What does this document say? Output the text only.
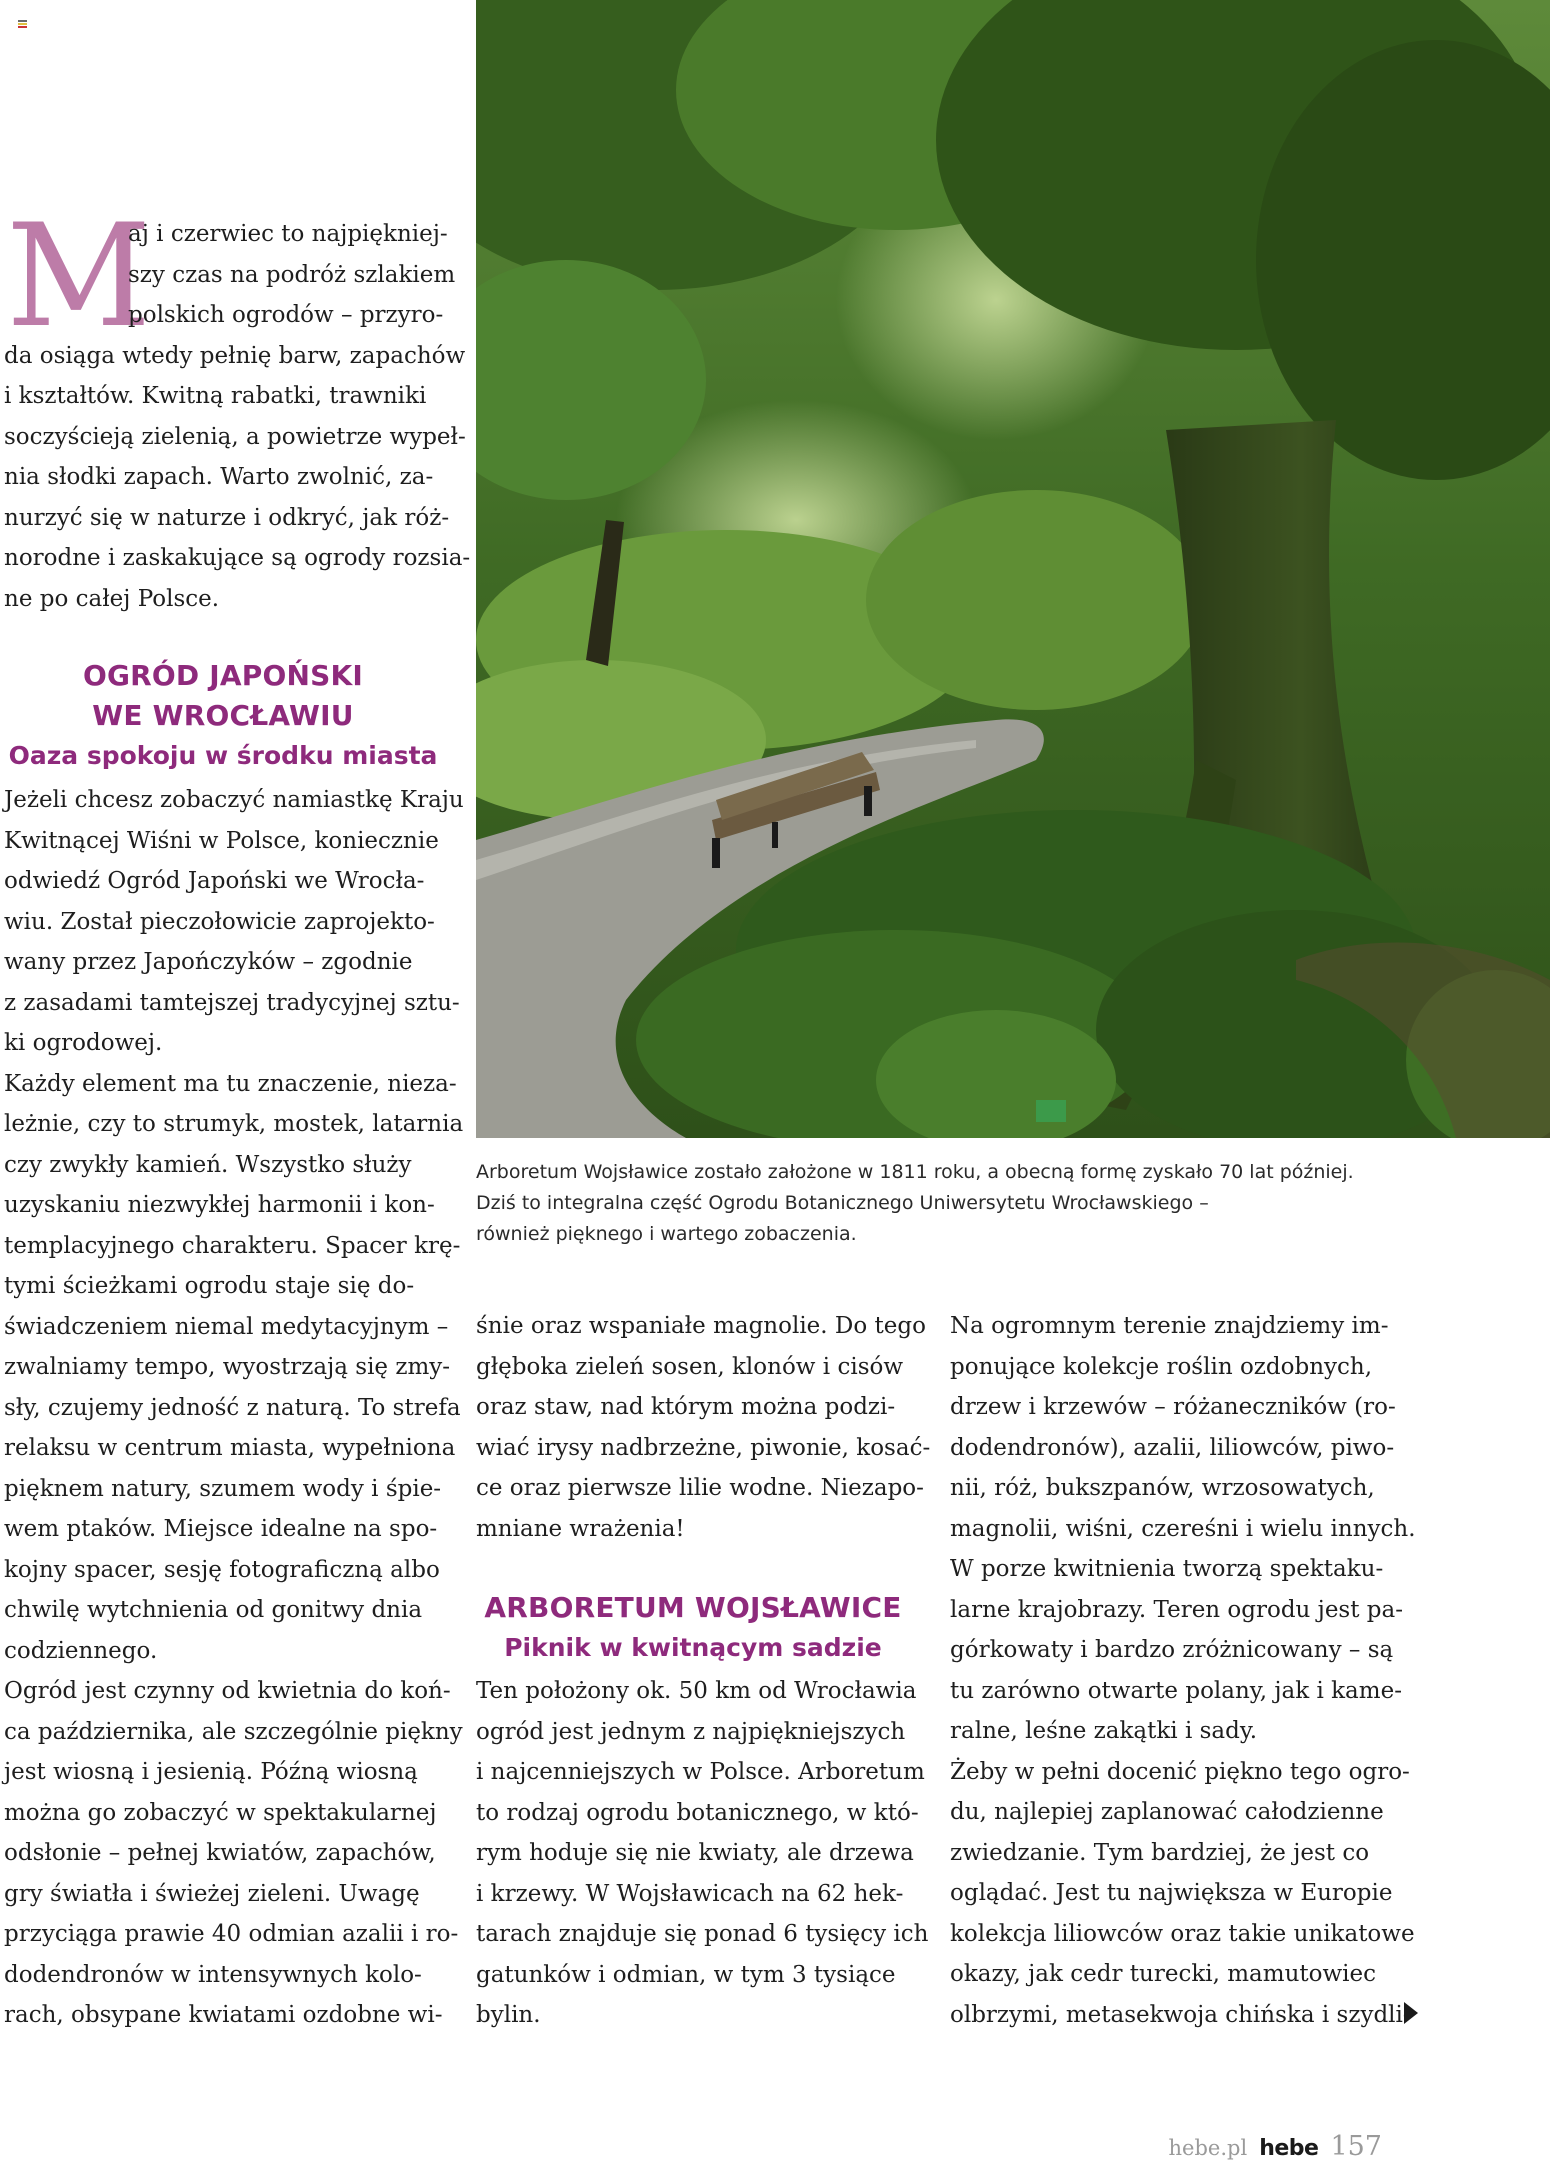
Arboretum Wojsławice zostało założone w 1811 roku, a obecną formę zyskało 70 lat później.

Dziś to integralna część Ogrodu Botanicznego Uniwersytetu Wrocławskiego –

również pięknego i wartego zobaczenia.

M

aj i czerwiec to najpiękniej-

szy czas na podróż szlakiem

polskich ogrodów – przyro-

da osiąga wtedy pełnię barw, zapachów

i kształtów. Kwitną rabatki, trawniki

soczyścieją zielenią, a powietrze wypeł-

nia słodki zapach. Warto zwolnić, za-

nurzyć się w naturze i odkryć, jak róż-

norodne i zaskakujące są ogrody rozsia-

ne po całej Polsce.

OGRÓD JAPOŃSKI

WE WROCŁAWIU

Oaza spokoju w środku miasta

Jeżeli chcesz zobaczyć namiastkę Kraju

Kwitnącej Wiśni w Polsce, koniecznie

odwiedź Ogród Japoński we Wrocła-

wiu. Został pieczołowicie zaprojekto-

wany przez Japończyków – zgodnie

z zasadami tamtejszej tradycyjnej sztu-

ki ogrodowej.

Każdy element ma tu znaczenie, nieza-

leżnie, czy to strumyk, mostek, latarnia

czy zwykły kamień. Wszystko służy

uzyskaniu niezwykłej harmonii i kon-

templacyjnego charakteru. Spacer krę-

tymi ścieżkami ogrodu staje się do-

świadczeniem niemal medytacyjnym –

zwalniamy tempo, wyostrzają się zmy-

sły, czujemy jedność z naturą. To strefa

relaksu w centrum miasta, wypełniona

pięknem natury, szumem wody i śpie-

wem ptaków. Miejsce idealne na spo-

kojny spacer, sesję fotograficzną albo

chwilę wytchnienia od gonitwy dnia

codziennego.

Ogród jest czynny od kwietnia do koń-

ca października, ale szczególnie piękny

jest wiosną i jesienią. Późną wiosną

można go zobaczyć w spektakularnej

odsłonie – pełnej kwiatów, zapachów,

gry światła i świeżej zieleni. Uwagę

przyciąga prawie 40 odmian azalii i ro-

dodendronów w intensywnych kolo-

rach, obsypane kwiatami ozdobne wi-

śnie oraz wspaniałe magnolie. Do tego

głęboka zieleń sosen, klonów i cisów

oraz staw, nad którym można podzi-

wiać irysy nadbrzeżne, piwonie, kosać-

ce oraz pierwsze lilie wodne. Niezapo-

mniane wrażenia!

ARBORETUM WOJSŁAWICE

Piknik w kwitnącym sadzie

Ten położony ok. 50 km od Wrocławia

ogród jest jednym z najpiękniejszych

i najcenniejszych w Polsce. Arboretum

to rodzaj ogrodu botanicznego, w któ-

rym hoduje się nie kwiaty, ale drzewa

i krzewy. W Wojsławicach na 62 hek-

tarach znajduje się ponad 6 tysięcy ich

gatunków i odmian, w tym 3 tysiące

bylin.

Na ogromnym terenie znajdziemy im-

ponujące kolekcje roślin ozdobnych,

drzew i krzewów – różaneczników (ro-

dodendronów), azalii, liliowców, piwo-

nii, róż, bukszpanów, wrzosowatych,

magnolii, wiśni, czereśni i wielu innych.

W porze kwitnienia tworzą spektaku-

larne krajobrazy. Teren ogrodu jest pa-

górkowaty i bardzo zróżnicowany – są

tu zarówno otwarte polany, jak i kame-

ralne, leśne zakątki i sady.

Żeby w pełni docenić piękno tego ogro-

du, najlepiej zaplanować całodzienne

zwiedzanie. Tym bardziej, że jest co

oglądać. Jest tu największa w Europie

kolekcja liliowców oraz takie unikatowe

okazy, jak cedr turecki, mamutowiec

olbrzymi, metasekwoja chińska i szydli-

hebe.pl hebe 157
